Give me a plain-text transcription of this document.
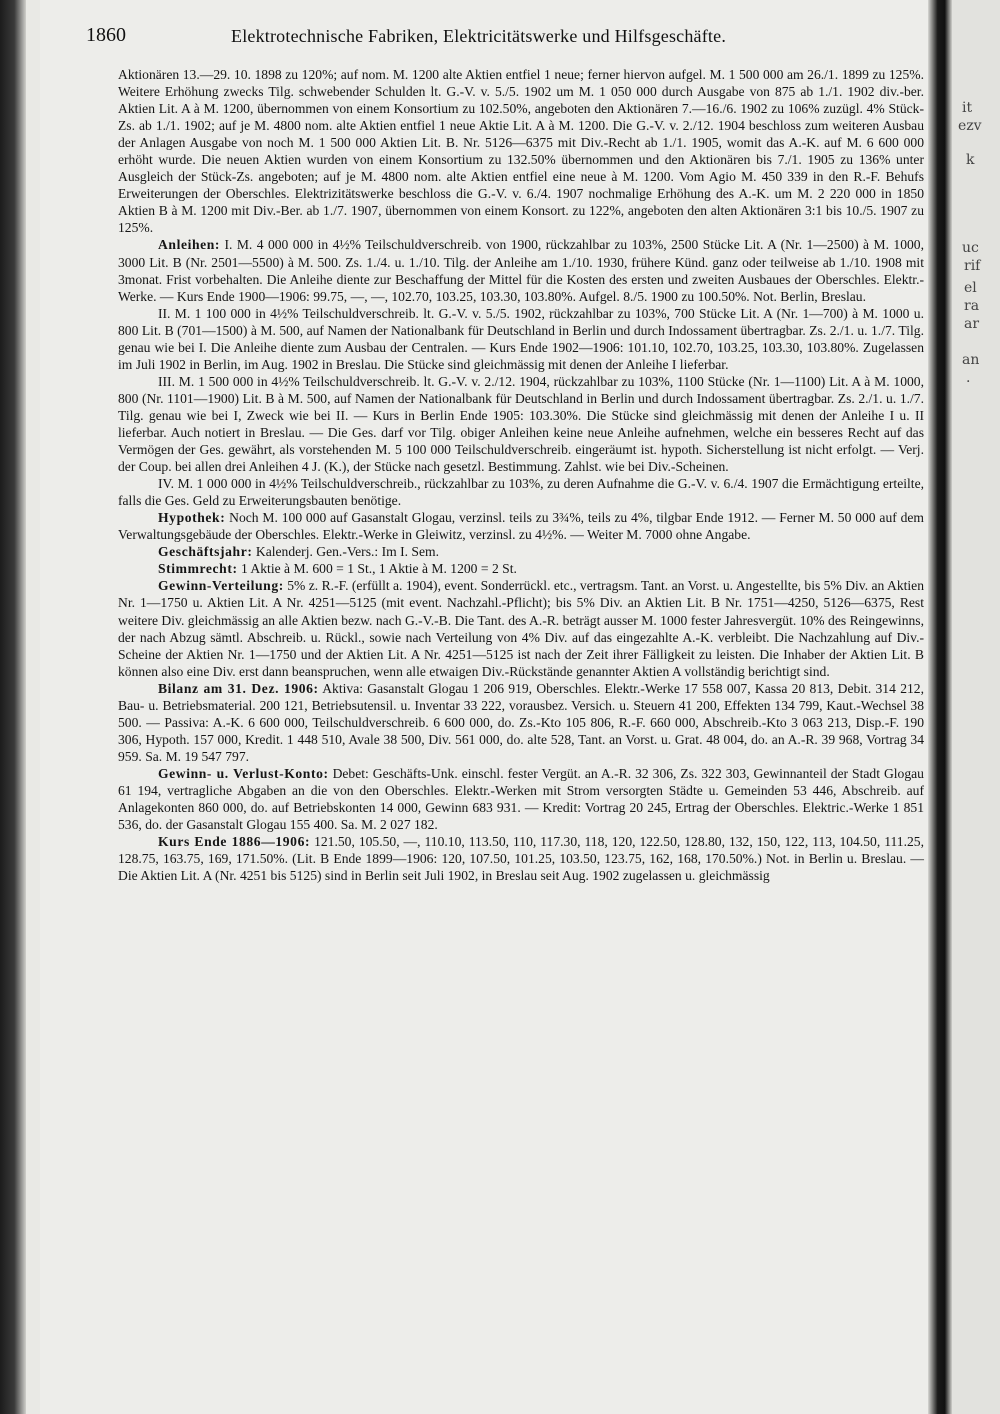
1860	Elektrotechnische Fabriken, Elektricitätswerke und Hilfsgeschäfte.

Aktionären 13.—29. 10. 1898 zu 120%; auf nom. M. 1200 alte Aktien entfiel 1 neue; ferner hiervon aufgel. M. 1 500 000 am 26./1. 1899 zu 125%. Weitere Erhöhung zwecks Tilg. schwebender Schulden lt. G.-V. v. 5./5. 1902 um M. 1 050 000 durch Ausgabe von 875 ab 1./1. 1902 div.-ber. Aktien Lit. A à M. 1200, übernommen von einem Konsortium zu 102.50%, angeboten den Aktionären 7.—16./6. 1902 zu 106% zuzügl. 4% Stück-Zs. ab 1./1. 1902; auf je M. 4800 nom. alte Aktien entfiel 1 neue Aktie Lit. A à M. 1200. Die G.-V. v. 2./12. 1904 beschloss zum weiteren Ausbau der Anlagen Ausgabe von noch M. 1 500 000 Aktien Lit. B. Nr. 5126—6375 mit Div.-Recht ab 1./1. 1905, womit das A.-K. auf M. 6 600 000 erhöht wurde. Die neuen Aktien wurden von einem Konsortium zu 132.50% übernommen und den Aktionären bis 7./1. 1905 zu 136% unter Ausgleich der Stück-Zs. angeboten; auf je M. 4800 nom. alte Aktien entfiel eine neue à M. 1200. Vom Agio M. 450 339 in den R.-F. Behufs Erweiterungen der Oberschles. Elektrizitätswerke beschloss die G.-V. v. 6./4. 1907 nochmalige Erhöhung des A.-K. um M. 2 220 000 in 1850 Aktien B à M. 1200 mit Div.-Ber. ab 1./7. 1907, übernommen von einem Konsort. zu 122%, angeboten den alten Aktionären 3:1 bis 10./5. 1907 zu 125%.

Anleihen: I. M. 4 000 000 in 4½% Teilschuldverschreib. von 1900, rückzahlbar zu 103%, 2500 Stücke Lit. A (Nr. 1—2500) à M. 1000, 3000 Lit. B (Nr. 2501—5500) à M. 500. Zs. 1./4. u. 1./10. Tilg. der Anleihe am 1./10. 1930, frühere Künd. ganz oder teilweise ab 1./10. 1908 mit 3monat. Frist vorbehalten. Die Anleihe diente zur Beschaffung der Mittel für die Kosten des ersten und zweiten Ausbaues der Oberschles. Elektr.-Werke. — Kurs Ende 1900—1906: 99.75, —, —, 102.70, 103.25, 103.30, 103.80%. Aufgel. 8./5. 1900 zu 100.50%. Not. Berlin, Breslau.

II. M. 1 100 000 in 4½% Teilschuldverschreib. lt. G.-V. v. 5./5. 1902, rückzahlbar zu 103%, 700 Stücke Lit. A (Nr. 1—700) à M. 1000 u. 800 Lit. B (701—1500) à M. 500, auf Namen der Nationalbank für Deutschland in Berlin und durch Indossament übertragbar. Zs. 2./1. u. 1./7. Tilg. genau wie bei I. Die Anleihe diente zum Ausbau der Centralen. — Kurs Ende 1902—1906: 101.10, 102.70, 103.25, 103.30, 103.80%. Zugelassen im Juli 1902 in Berlin, im Aug. 1902 in Breslau. Die Stücke sind gleichmässig mit denen der Anleihe I lieferbar.

III. M. 1 500 000 in 4½% Teilschuldverschreib. lt. G.-V. v. 2./12. 1904, rückzahlbar zu 103%, 1100 Stücke (Nr. 1—1100) Lit. A à M. 1000, 800 (Nr. 1101—1900) Lit. B à M. 500, auf Namen der Nationalbank für Deutschland in Berlin und durch Indossament übertragbar. Zs. 2./1. u. 1./7. Tilg. genau wie bei I, Zweck wie bei II. — Kurs in Berlin Ende 1905: 103.30%. Die Stücke sind gleichmässig mit denen der Anleihe I u. II lieferbar. Auch notiert in Breslau. — Die Ges. darf vor Tilg. obiger Anleihen keine neue Anleihe aufnehmen, welche ein besseres Recht auf das Vermögen der Ges. gewährt, als vorstehenden M. 5 100 000 Teilschuldverschreib. eingeräumt ist. hypoth. Sicherstellung ist nicht erfolgt. — Verj. der Coup. bei allen drei Anleihen 4 J. (K.), der Stücke nach gesetzl. Bestimmung. Zahlst. wie bei Div.-Scheinen.

IV. M. 1 000 000 in 4½% Teilschuldverschreib., rückzahlbar zu 103%, zu deren Aufnahme die G.-V. v. 6./4. 1907 die Ermächtigung erteilte, falls die Ges. Geld zu Erweiterungsbauten benötige.

Hypothek: Noch M. 100 000 auf Gasanstalt Glogau, verzinsl. teils zu 3¾%, teils zu 4%, tilgbar Ende 1912. — Ferner M. 50 000 auf dem Verwaltungsgebäude der Oberschles. Elektr.-Werke in Gleiwitz, verzinsl. zu 4½%. — Weiter M. 7000 ohne Angabe.

Geschäftsjahr: Kalenderj. Gen.-Vers.: Im I. Sem.

Stimmrecht: 1 Aktie à M. 600 = 1 St., 1 Aktie à M. 1200 = 2 St.

Gewinn-Verteilung: 5% z. R.-F. (erfüllt a. 1904), event. Sonderrückl. etc., vertragsm. Tant. an Vorst. u. Angestellte, bis 5% Div. an Aktien Nr. 1—1750 u. Aktien Lit. A Nr. 4251—5125 (mit event. Nachzahl.-Pflicht); bis 5% Div. an Aktien Lit. B Nr. 1751—4250, 5126—6375, Rest weitere Div. gleichmässig an alle Aktien bezw. nach G.-V.-B. Die Tant. des A.-R. beträgt ausser M. 1000 fester Jahresvergüt. 10% des Reingewinns, der nach Abzug sämtl. Abschreib. u. Rückl., sowie nach Verteilung von 4% Div. auf das eingezahlte A.-K. verbleibt. Die Nachzahlung auf Div.-Scheine der Aktien Nr. 1—1750 und der Aktien Lit. A Nr. 4251—5125 ist nach der Zeit ihrer Fälligkeit zu leisten. Die Inhaber der Aktien Lit. B können also eine Div. erst dann beanspruchen, wenn alle etwaigen Div.-Rückstände genannter Aktien A vollständig berichtigt sind.

Bilanz am 31. Dez. 1906: Aktiva: Gasanstalt Glogau 1 206 919, Oberschles. Elektr.-Werke 17 558 007, Kassa 20 813, Debit. 314 212, Bau- u. Betriebsmaterial. 200 121, Betriebsutensil. u. Inventar 33 222, vorausbez. Versich. u. Steuern 41 200, Effekten 134 799, Kaut.-Wechsel 38 500. — Passiva: A.-K. 6 600 000, Teilschuldverschreib. 6 600 000, do. Zs.-Kto 105 806, R.-F. 660 000, Abschreib.-Kto 3 063 213, Disp.-F. 190 306, Hypoth. 157 000, Kredit. 1 448 510, Avale 38 500, Div. 561 000, do. alte 528, Tant. an Vorst. u. Grat. 48 004, do. an A.-R. 39 968, Vortrag 34 959. Sa. M. 19 547 797.

Gewinn- u. Verlust-Konto: Debet: Geschäfts-Unk. einschl. fester Vergüt. an A.-R. 32 306, Zs. 322 303, Gewinnanteil der Stadt Glogau 61 194, vertragliche Abgaben an die von den Oberschles. Elektr.-Werken mit Strom versorgten Städte u. Gemeinden 53 446, Abschreib. auf Anlagekonten 860 000, do. auf Betriebskonten 14 000, Gewinn 683 931. — Kredit: Vortrag 20 245, Ertrag der Oberschles. Elektric.-Werke 1 851 536, do. der Gasanstalt Glogau 155 400. Sa. M. 2 027 182.

Kurs Ende 1886—1906: 121.50, 105.50, —, 110.10, 113.50, 110, 117.30, 118, 120, 122.50, 128.80, 132, 150, 122, 113, 104.50, 111.25, 128.75, 163.75, 169, 171.50%. (Lit. B Ende 1899—1906: 120, 107.50, 101.25, 103.50, 123.75, 162, 168, 170.50%.) Not. in Berlin u. Breslau. — Die Aktien Lit. A (Nr. 4251 bis 5125) sind in Berlin seit Juli 1902, in Breslau seit Aug. 1902 zugelassen u. gleichmässig

it
ezv
k
uc
rif
el
ra
ar
an
.
